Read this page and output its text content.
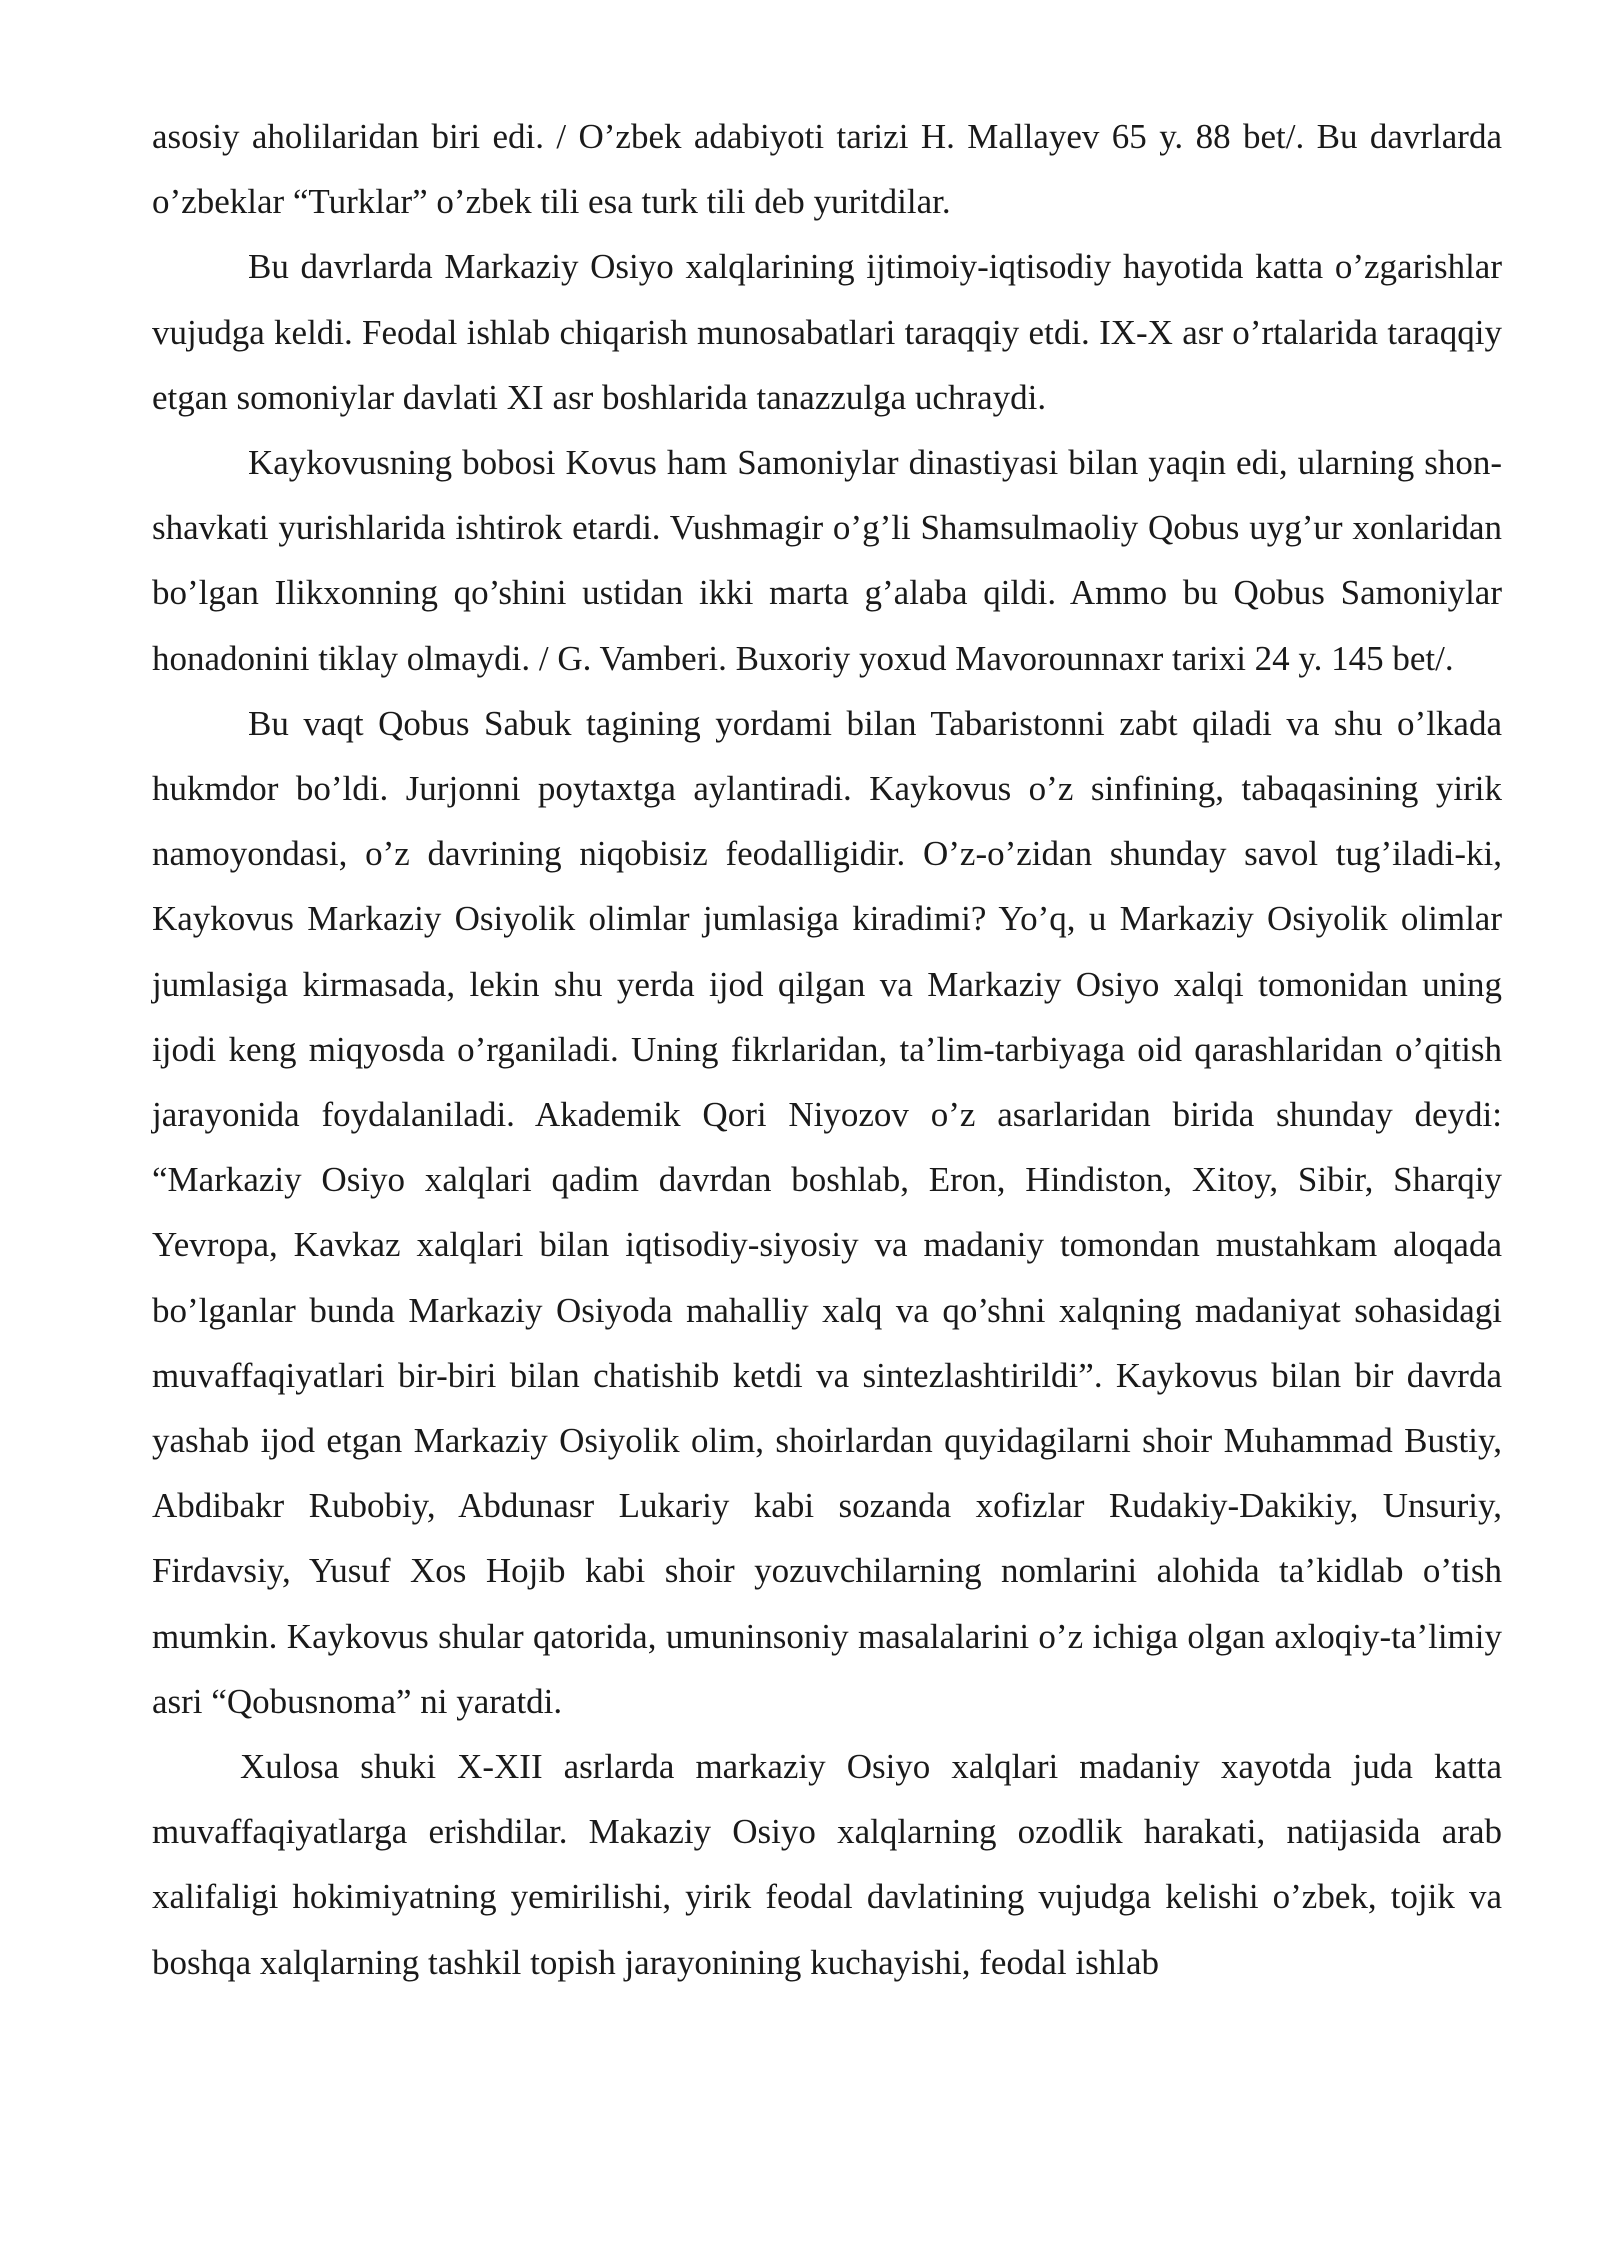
asosiy aholilaridan biri edi. / O’zbek adabiyoti tarizi H. Mallayev 65 y. 88 bet/. Bu davrlarda o’zbeklar “Turklar” o’zbek tili esa turk tili deb yuritdilar.

Bu davrlarda Markaziy Osiyo xalqlarining ijtimoiy-iqtisodiy hayotida katta o’zgarishlar vujudga keldi. Feodal ishlab chiqarish munosabatlari taraqqiy etdi. IX-X asr o’rtalarida taraqqiy etgan somoniylar davlati XI asr boshlarida tanazzulga uchraydi.

Kaykovusning bobosi Kovus ham Samoniylar dinastiyasi bilan yaqin edi, ularning shon-shavkati yurishlarida ishtirok etardi. Vushmagir o’g’li Shamsulmaoliy Qobus uyg’ur xonlaridan bo’lgan Ilikxonning qo’shini ustidan ikki marta g’alaba qildi. Ammo bu Qobus Samoniylar honadonini tiklay olmaydi. / G. Vamberi. Buxoriy yoxud Mavorounnaxr tarixi 24 y. 145 bet/.

Bu vaqt Qobus Sabuk tagining yordami bilan Tabaristonni zabt qiladi va shu o’lkada hukmdor bo’ldi. Jurjonni poytaxtga aylantiradi. Kaykovus o’z sinfining, tabaqasining yirik namoyondasi, o’z davrining niqobisiz feodalligidir. O’z-o’zidan shunday savol tug’iladi-ki, Kaykovus Markaziy Osiyolik olimlar jumlasiga kiradimi? Yo’q, u Markaziy Osiyolik olimlar jumlasiga kirmasada, lekin shu yerda ijod qilgan va Markaziy Osiyo xalqi tomonidan uning ijodi keng miqyosda o’rganiladi. Uning fikrlaridan, ta’lim-tarbiyaga oid qarashlaridan o’qitish jarayonida foydalaniladi. Akademik Qori Niyozov o’z asarlaridan birida shunday deydi: “Markaziy Osiyo xalqlari qadim davrdan boshlab, Eron, Hindiston, Xitoy, Sibir, Sharqiy Yevropa, Kavkaz xalqlari bilan iqtisodiy-siyosiy va madaniy tomondan mustahkam aloqada bo’lganlar bunda Markaziy Osiyoda mahalliy xalq va qo’shni xalqning madaniyat sohasidagi muvaffaqiyatlari bir-biri bilan chatishib ketdi va sintezlashtirildi”. Kaykovus bilan bir davrda yashab ijod etgan Markaziy Osiyolik olim, shoirlardan quyidagilarni shoir Muhammad Bustiy, Abdibakr Rubobiy, Abdunasr Lukariy kabi sozanda xofizlar Rudakiy-Dakikiy, Unsuriy, Firdavsiy, Yusuf Xos Hojib kabi shoir yozuvchilarning nomlarini alohida ta’kidlab o’tish mumkin. Kaykovus shular qatorida, umuninsoniy masalalarini o’z ichiga olgan axloqiy-ta’limiy asri “Qobusnoma” ni yaratdi.

Xulosa shuki X-XII asrlarda markaziy Osiyo xalqlari madaniy xayotda juda katta muvaffaqiyatlarga erishdilar. Makaziy Osiyo xalqlarning ozodlik harakati, natijasida arab xalifaligi hokimiyatning yemirilishi, yirik feodal davlatining vujudga kelishi o’zbek, tojik va boshqa xalqlarning tashkil topish jarayonining kuchayishi, feodal ishlab
